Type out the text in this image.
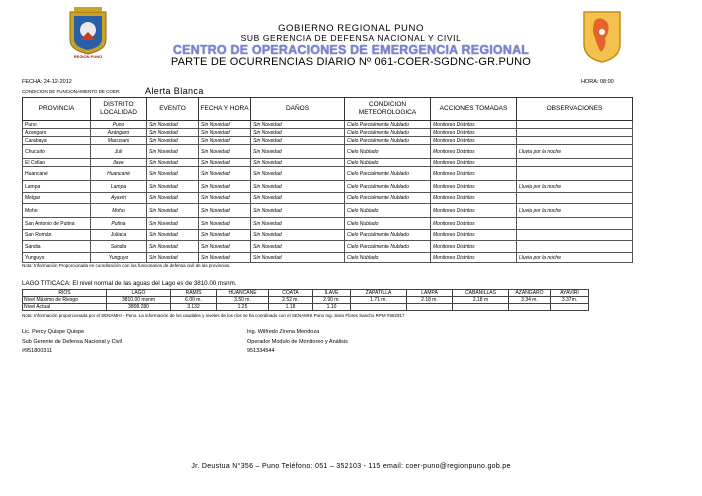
REGIÓN PUNO
GOBIERNO REGIONAL PUNO
SUB GERENCIA DE DEFENSA NACIONAL Y CIVIL
CENTRO DE OPERACIONES DE EMERGENCIA REGIONAL
PARTE DE OCURRENCIAS DIARIO Nº 061-COER-SGDNC-GR.PUNO
FECHA: 24-12-2012	HORA: 08:00
CONDICION DE FUNCIONAMIENTO DE COER:	Alerta Blanca
PROVINCIA	DISTRITO LOCALIDAD	EVENTO	FECHA Y HORA	DAÑOS	CONDICION METEOROLOGICA	ACCIONES TOMADAS	OBSERVACIONES
Puno	Puno	Sin Novedad	Sin Novedad	Sin Novedad	Cielo Parcialmente Nublado	Monitoreo Distritos	
Azangaro	Azángaro	Sin Novedad	Sin Novedad	Sin Novedad	Cielo Parcialmente Nublado	Monitoreo Distritos	
Carabaya	Macusani	Sin Novedad	Sin Novedad	Sin Novedad	Cielo Parcialmente Nublado	Monitoreo Distritos	
Chucuito	Juli	Sin Novedad	Sin Novedad	Sin Novedad	Cielo Nublado	Monitoreo Distritos	Lluvia por la noche
El Collao	Ilave	Sin Novedad	Sin Novedad	Sin Novedad	Cielo Nublado	Monitoreo Distritos	
Huancané	Huancané	Sin Novedad	Sin Novedad	Sin Novedad	Cielo Parcialmente Nublado	Monitoreo Distritos	
Lampa	Lampa	Sin Novedad	Sin Novedad	Sin Novedad	Cielo Parcialmente Nublado	Monitoreo Distritos	Lluvia por la noche
Melgar	Ayaviri	Sin Novedad	Sin Novedad	Sin Novedad	Cielo Parcialmente Nublado	Monitoreo Distritos	
Moho	Moho	Sin Novedad	Sin Novedad	Sin Novedad	Cielo Nublado	Monitoreo Distritos	Lluvia por la noche
San Antonio de Putina	Putina	Sin Novedad	Sin Novedad	Sin Novedad	Cielo Nublado	Monitoreo Distritos	
San Román	Juliaca	Sin Novedad	Sin Novedad	Sin Novedad	Cielo Parcialmente Nublado	Monitoreo Distritos	
Sandia	Sandia	Sin Novedad	Sin Novedad	Sin Novedad	Cielo Parcialmente Nublado	Monitoreo Distritos	
Yunguyo	Yunguyo	Sin Novedad	Sin Novedad	Sin Novedad	Cielo Nublado	Monitoreo Distritos	Lluvia por la noche
Nota: Información Proporcionada en coordinación con los funcionarios de defensa civil de las provincias.
LAGO TITICACA: El nivel normal de las aguas del Lago es de 3810.00 msnm.
RIOS	LAGO	RAMIS	HUANCANE	COATA	ILAVE	ZAPATILLA	LAMPA	CABANILLAS	AZANGARO	AYAVIRI
Nivel Máximo de Riesgo	3810.00 msnm	6.00 m.	3.50 m.	2.52 m.	2.90 m.	1.71 m.	2.18 m.	2.18 m	3.34 m.	3.37m.
Nivel Actual	3808.280	3.132	1.25	1.18	1.10					
Nota: Información proporcionada por el SENAMHI - Puno. La información de los caudales y niveles de los ríos se ha coordinado con el SENAMHI Puno Ing. Sixto Flores Sancho RPM #582917
Lic. Percy Quispe Quispe
Sub Gerente de Defensa Nacional y Civil
#951800311
Ing. Wilfredo Zirena Mendoza
Operador Modulo de Monitoreo y Análisis
951334544
Jr. Deustua N°356 – Puno Teléfono: 051 – 352103 - 115 email: coer-puno@regionpuno.gob.pe
